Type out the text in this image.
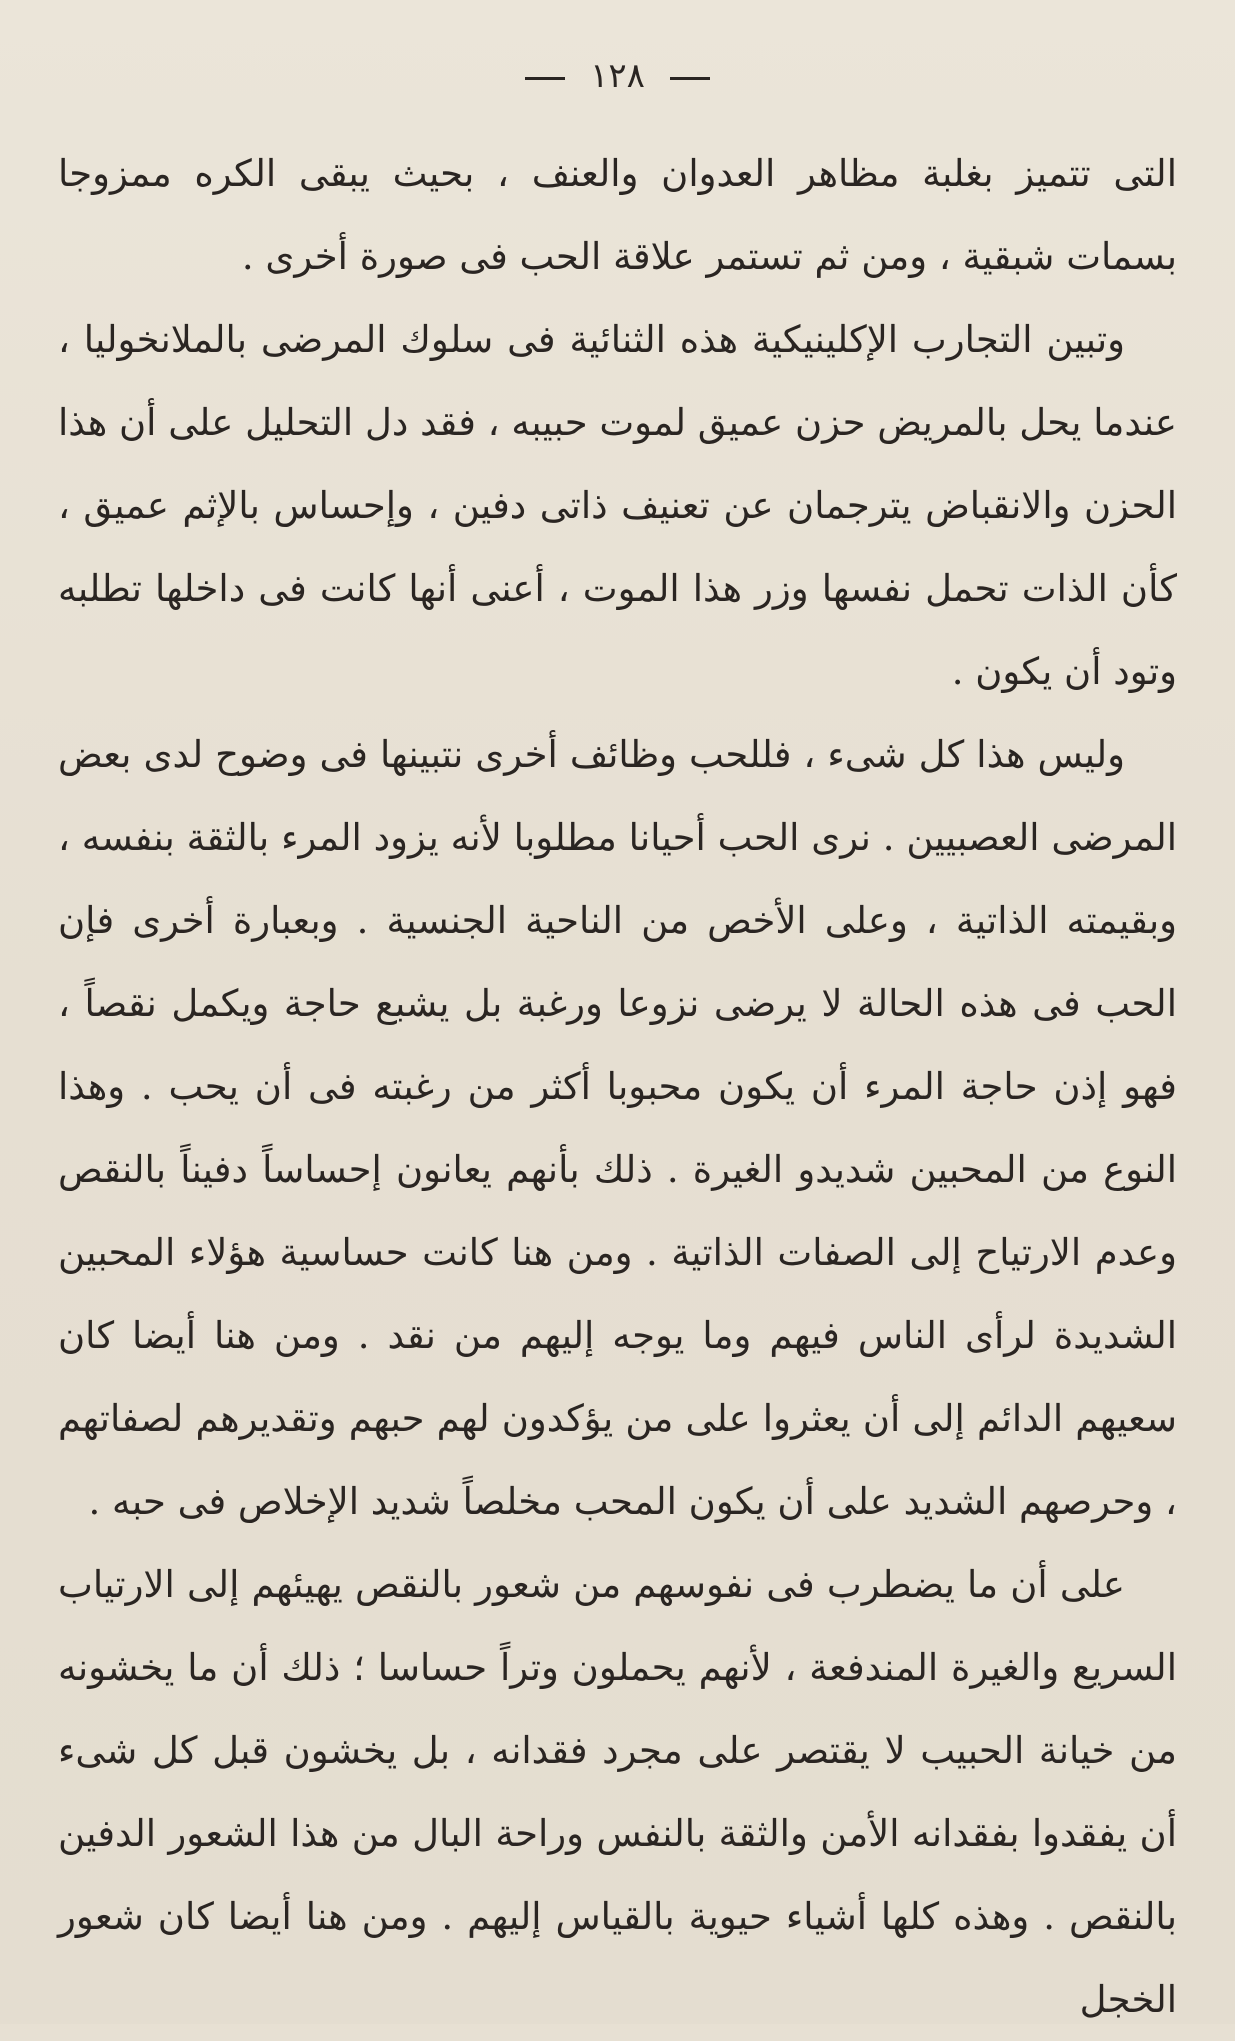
١٢٨

التى تتميز بغلبة مظاهر العدوان والعنف ، بحيث يبقى الكره ممزوجا بسمات شبقية ، ومن ثم تستمر علاقة الحب فى صورة أخرى .

وتبين التجارب الإكلينيكية هذه الثنائية فى سلوك المرضى بالملانخوليا ، عندما يحل بالمريض حزن عميق لموت حبيبه ، فقد دل التحليل على أن هذا الحزن والانقباض يترجمان عن تعنيف ذاتى دفين ، وإحساس بالإثم عميق ، كأن الذات تحمل نفسها وزر هذا الموت ، أعنى أنها كانت فى داخلها تطلبه وتود أن يكون .

وليس هذا كل شىء ، فللحب وظائف أخرى نتبينها فى وضوح لدى بعض المرضى العصبيين . نرى الحب أحيانا مطلوبا لأنه يزود المرء بالثقة بنفسه ، وبقيمته الذاتية ، وعلى الأخص من الناحية الجنسية . وبعبارة أخرى فإن الحب فى هذه الحالة لا يرضى نزوعا ورغبة بل يشبع حاجة ويكمل نقصاً ، فهو إذن حاجة المرء أن يكون محبوبا أكثر من رغبته فى أن يحب . وهذا النوع من المحبين شديدو الغيرة . ذلك بأنهم يعانون إحساساً دفيناً بالنقص وعدم الارتياح إلى الصفات الذاتية . ومن هنا كانت حساسية هؤلاء المحبين الشديدة لرأى الناس فيهم وما يوجه إليهم من نقد . ومن هنا أيضا كان سعيهم الدائم إلى أن يعثروا على من يؤكدون لهم حبهم وتقديرهم لصفاتهم ، وحرصهم الشديد على أن يكون المحب مخلصاً شديد الإخلاص فى حبه .

على أن ما يضطرب فى نفوسهم من شعور بالنقص يهيئهم إلى الارتياب السريع والغيرة المندفعة ، لأنهم يحملون وتراً حساسا ؛ ذلك أن ما يخشونه من خيانة الحبيب لا يقتصر على مجرد فقدانه ، بل يخشون قبل كل شىء أن يفقدوا بفقدانه الأمن والثقة بالنفس وراحة البال من هذا الشعور الدفين بالنقص . وهذه كلها أشياء حيوية بالقياس إليهم . ومن هنا أيضا كان شعور الخجل
